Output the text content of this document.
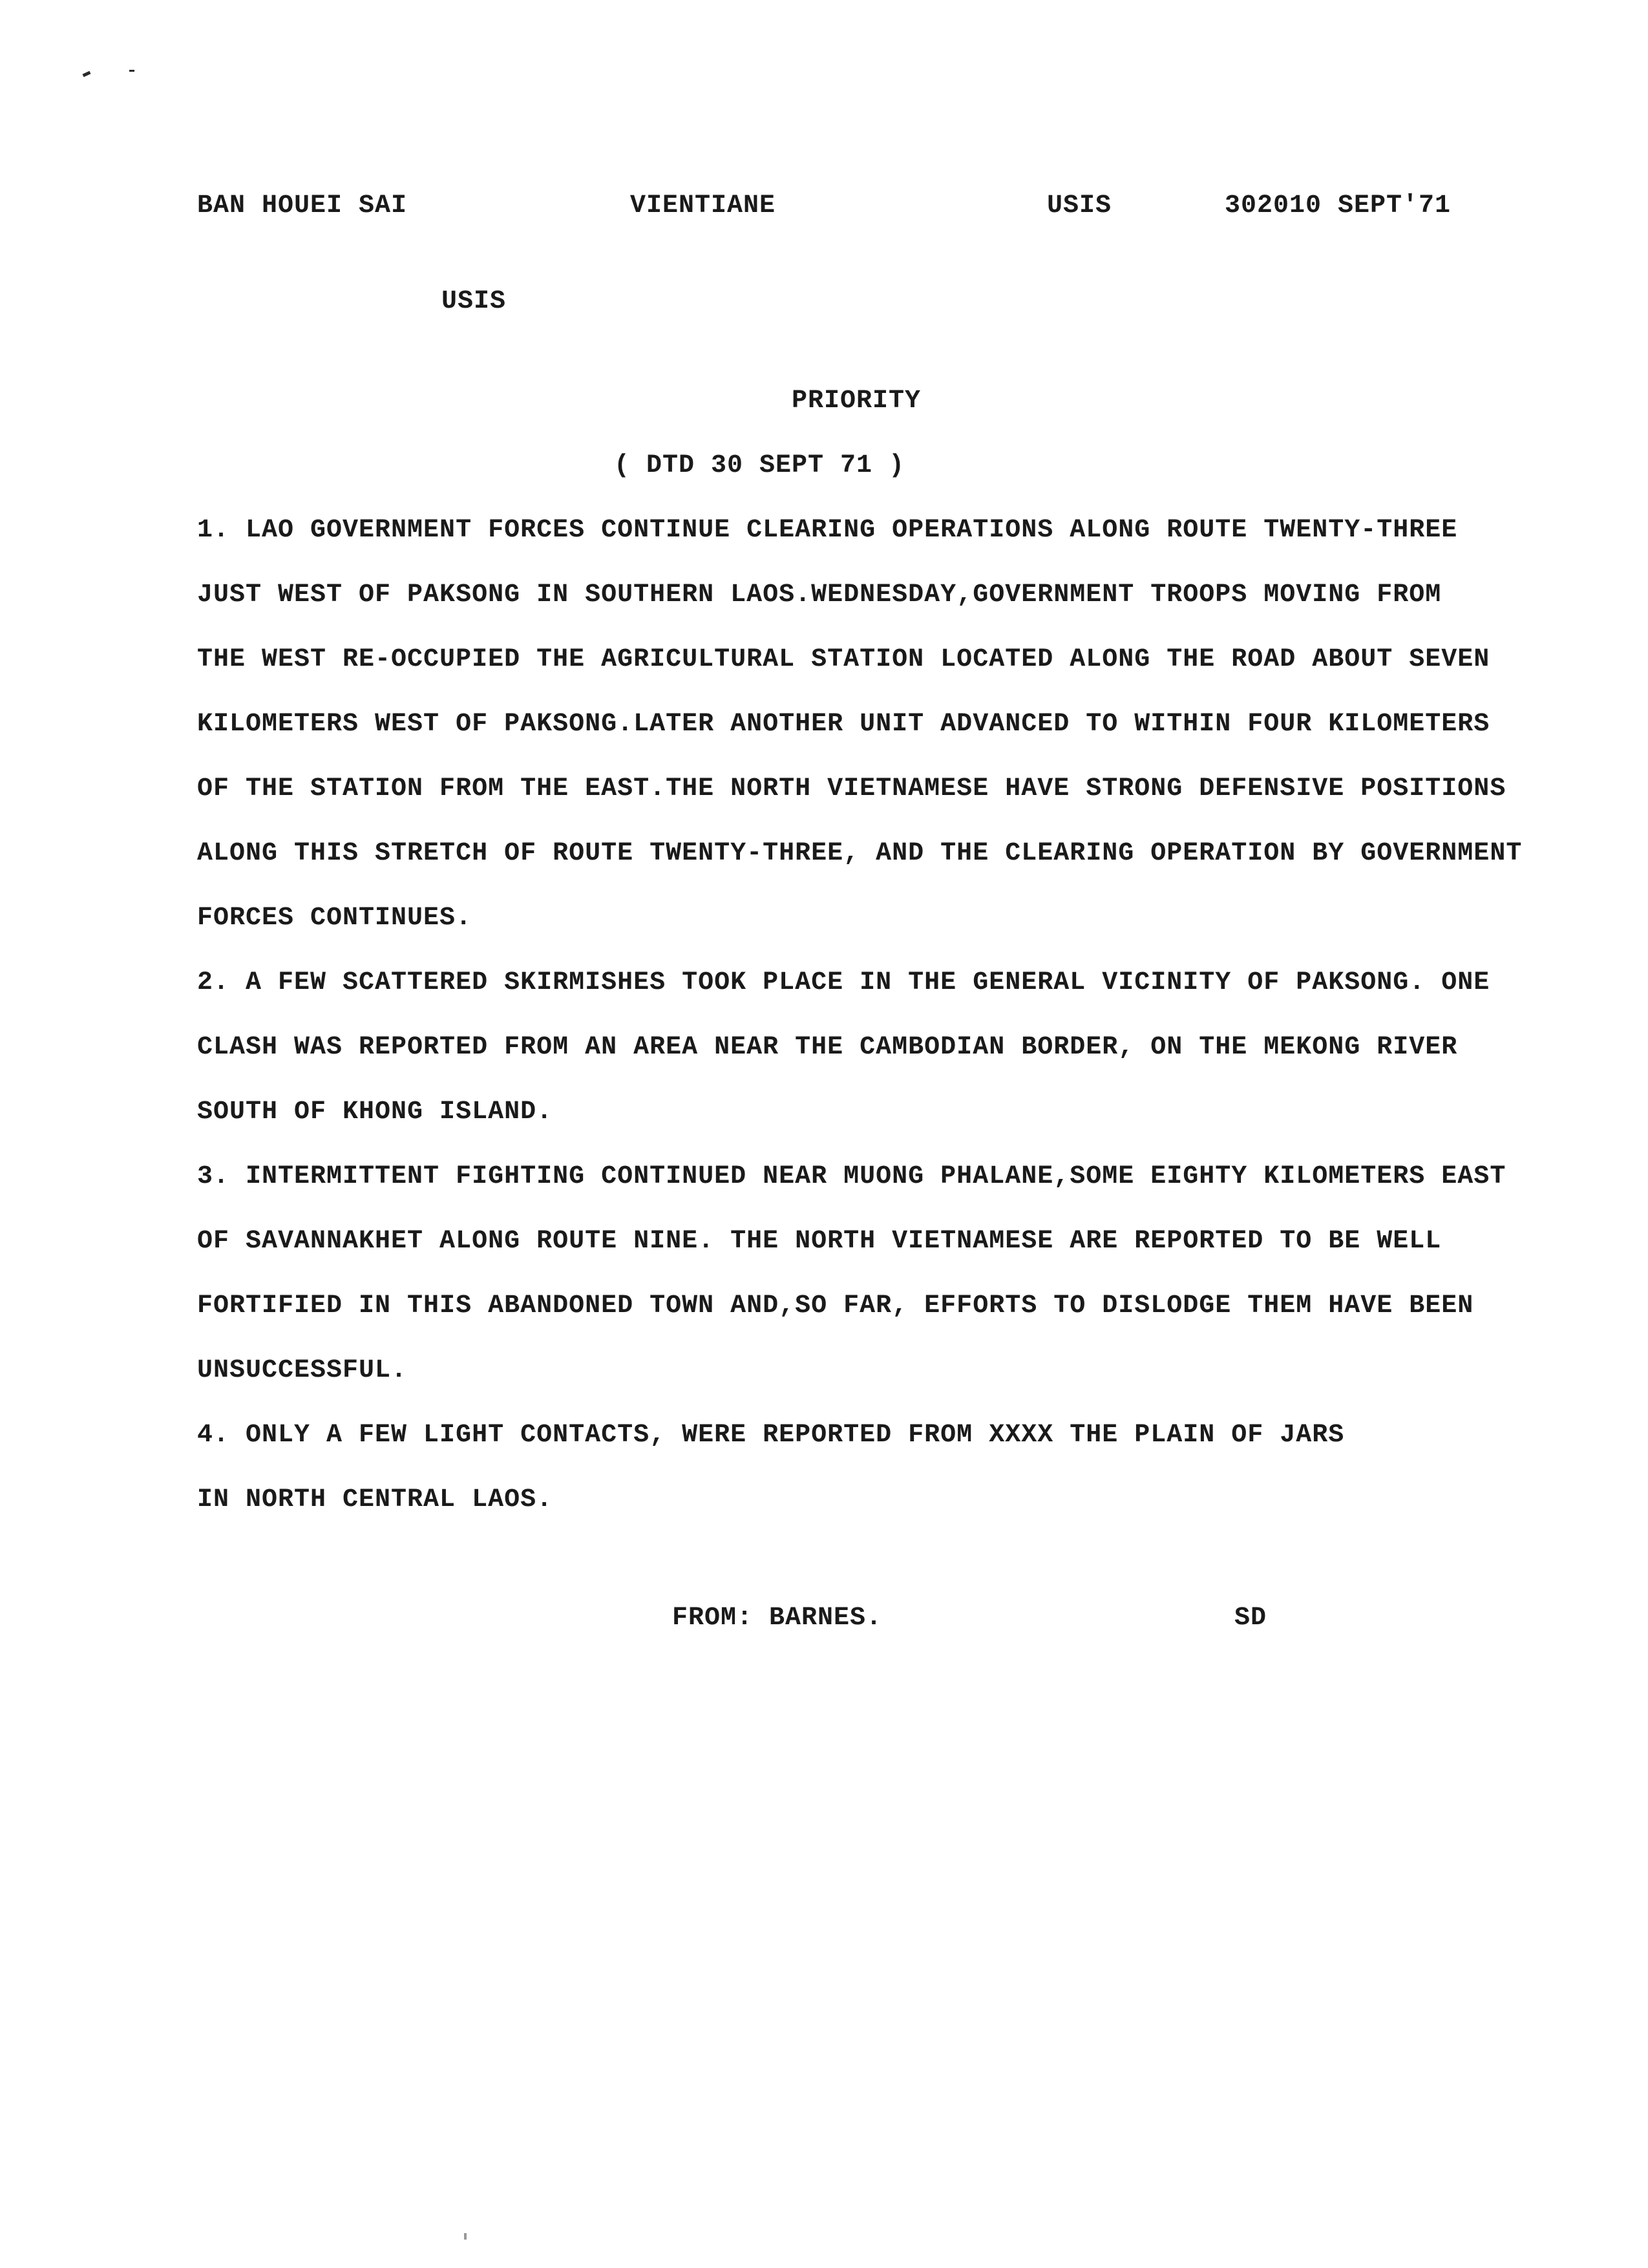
BAN HOUEI SAI	VIENTIANE	USIS	302010 SEPT'71
USIS
PRIORITY
( DTD 30 SEPT 71 )
1. LAO GOVERNMENT FORCES CONTINUE CLEARING OPERATIONS ALONG ROUTE TWENTY-THREE
JUST WEST OF PAKSONG IN SOUTHERN LAOS.WEDNESDAY,GOVERNMENT TROOPS MOVING FROM
THE WEST RE-OCCUPIED THE AGRICULTURAL STATION LOCATED ALONG THE ROAD ABOUT SEVEN
KILOMETERS WEST OF PAKSONG.LATER ANOTHER UNIT ADVANCED TO WITHIN FOUR KILOMETERS
OF THE STATION FROM THE EAST.THE NORTH VIETNAMESE HAVE STRONG DEFENSIVE POSITIONS
ALONG THIS STRETCH OF ROUTE TWENTY-THREE, AND THE CLEARING OPERATION BY GOVERNMENT
FORCES CONTINUES.
2. A FEW SCATTERED SKIRMISHES TOOK PLACE IN THE GENERAL VICINITY OF PAKSONG. ONE
CLASH WAS REPORTED FROM AN AREA NEAR THE CAMBODIAN BORDER, ON THE MEKONG RIVER
SOUTH OF KHONG ISLAND.
3. INTERMITTENT FIGHTING CONTINUED NEAR MUONG PHALANE,SOME EIGHTY KILOMETERS EAST
OF SAVANNAKHET ALONG ROUTE NINE. THE NORTH VIETNAMESE ARE REPORTED TO BE WELL
FORTIFIED IN THIS ABANDONED TOWN AND,SO FAR, EFFORTS TO DISLODGE THEM HAVE BEEN
UNSUCCESSFUL.
4. ONLY A FEW LIGHT CONTACTS, WERE REPORTED FROM XXXX THE PLAIN OF JARS
IN NORTH CENTRAL LAOS.
FROM: BARNES.	SD
